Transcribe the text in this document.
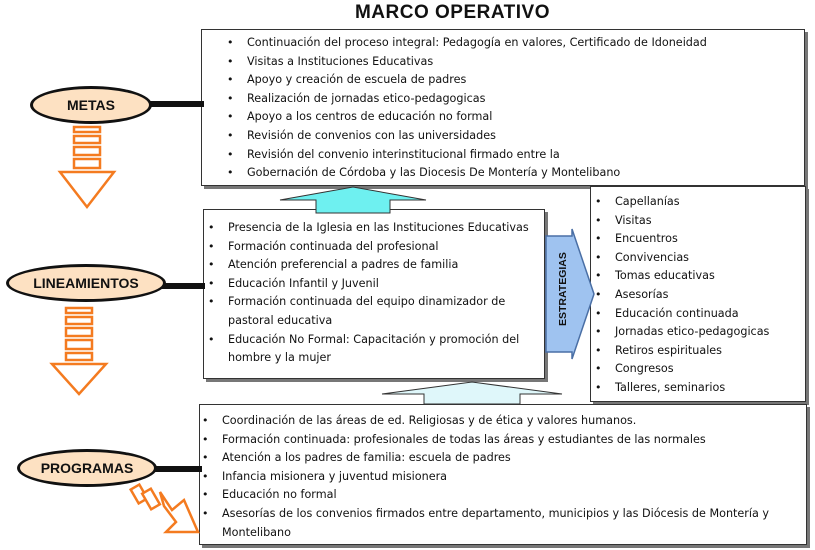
MARCO OPERATIVO
• Continuación del proceso integral: Pedagogía en valores, Certificado de Idoneidad
• Visitas a Instituciones Educativas
• Apoyo y creación de escuela de padres
• Realización de jornadas etico-pedagogicas
• Apoyo a los centros de educación no formal
• Revisión de convenios con las universidades
• Revisión del convenio interinstitucional firmado entre la
• Gobernación de Córdoba y las Diocesis De Montería y Montelibano
• Presencia de la Iglesia en las Instituciones Educativas
• Formación continuada del profesional
• Atención preferencial a padres de familia
• Educación Infantil y Juvenil
• Formación continuada del equipo dinamizador de pastoral educativa
• Educación No Formal: Capacitación y promoción del hombre y la mujer
• Capellanías
• Visitas
• Encuentros
• Convivencias
• Tomas educativas
• Asesorías
• Educación continuada
• Jornadas etico-pedagogicas
• Retiros espirituales
• Congresos
• Talleres, seminarios
• Coordinación de las áreas de ed. Religiosas y de ética y valores humanos.
• Formación continuada: profesionales de todas las áreas y estudiantes de las normales
• Atención a los padres de familia: escuela de padres
• Infancia misionera y juventud misionera
• Educación no formal
• Asesorías de los convenios firmados entre departamento, municipios y las Diócesis de Montería y Montelibano
METAS
LINEAMIENTOS
PROGRAMAS
ESTRATEGIAS
